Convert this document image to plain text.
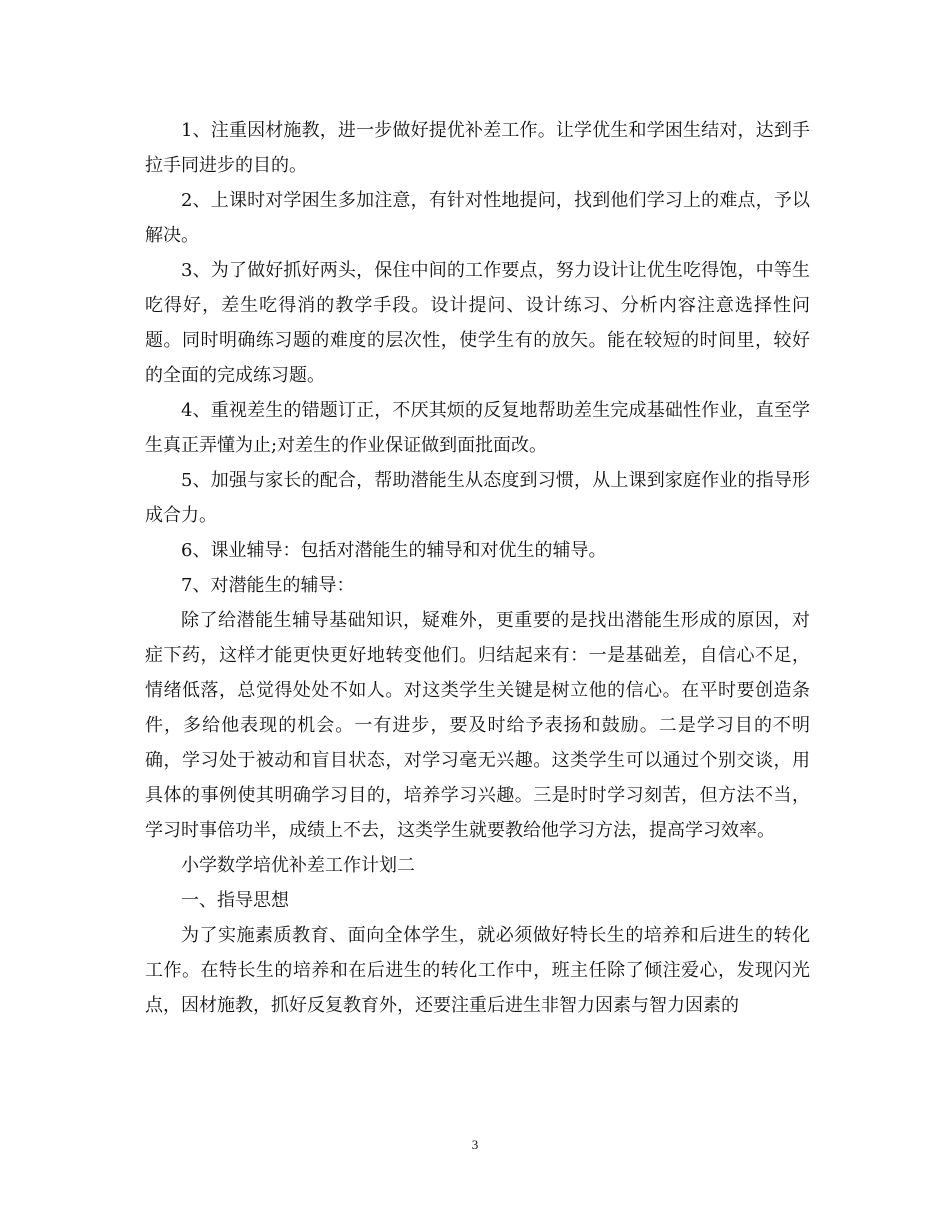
1、注重因材施教，进一步做好提优补差工作。让学优生和学困生结对，达到手拉手同进步的目的。

2、上课时对学困生多加注意，有针对性地提问，找到他们学习上的难点，予以解决。

3、为了做好抓好两头，保住中间的工作要点，努力设计让优生吃得饱，中等生吃得好，差生吃得消的教学手段。设计提问、设计练习、分析内容注意选择性问题。同时明确练习题的难度的层次性，使学生有的放矢。能在较短的时间里，较好的全面的完成练习题。

4、重视差生的错题订正，不厌其烦的反复地帮助差生完成基础性作业，直至学生真正弄懂为止;对差生的作业保证做到面批面改。

5、加强与家长的配合，帮助潜能生从态度到习惯，从上课到家庭作业的指导形成合力。

6、课业辅导：包括对潜能生的辅导和对优生的辅导。

7、对潜能生的辅导：

除了给潜能生辅导基础知识，疑难外，更重要的是找出潜能生形成的原因，对症下药，这样才能更快更好地转变他们。归结起来有：一是基础差，自信心不足，情绪低落，总觉得处处不如人。对这类学生关键是树立他的信心。在平时要创造条件，多给他表现的机会。一有进步，要及时给予表扬和鼓励。二是学习目的不明确，学习处于被动和盲目状态，对学习毫无兴趣。这类学生可以通过个别交谈，用具体的事例使其明确学习目的，培养学习兴趣。三是时时学习刻苦，但方法不当，学习时事倍功半，成绩上不去，这类学生就要教给他学习方法，提高学习效率。

小学数学培优补差工作计划二

一、指导思想

为了实施素质教育、面向全体学生，就必须做好特长生的培养和后进生的转化工作。在特长生的培养和在后进生的转化工作中，班主任除了倾注爱心，发现闪光点，因材施教，抓好反复教育外，还要注重后进生非智力因素与智力因素的

3
